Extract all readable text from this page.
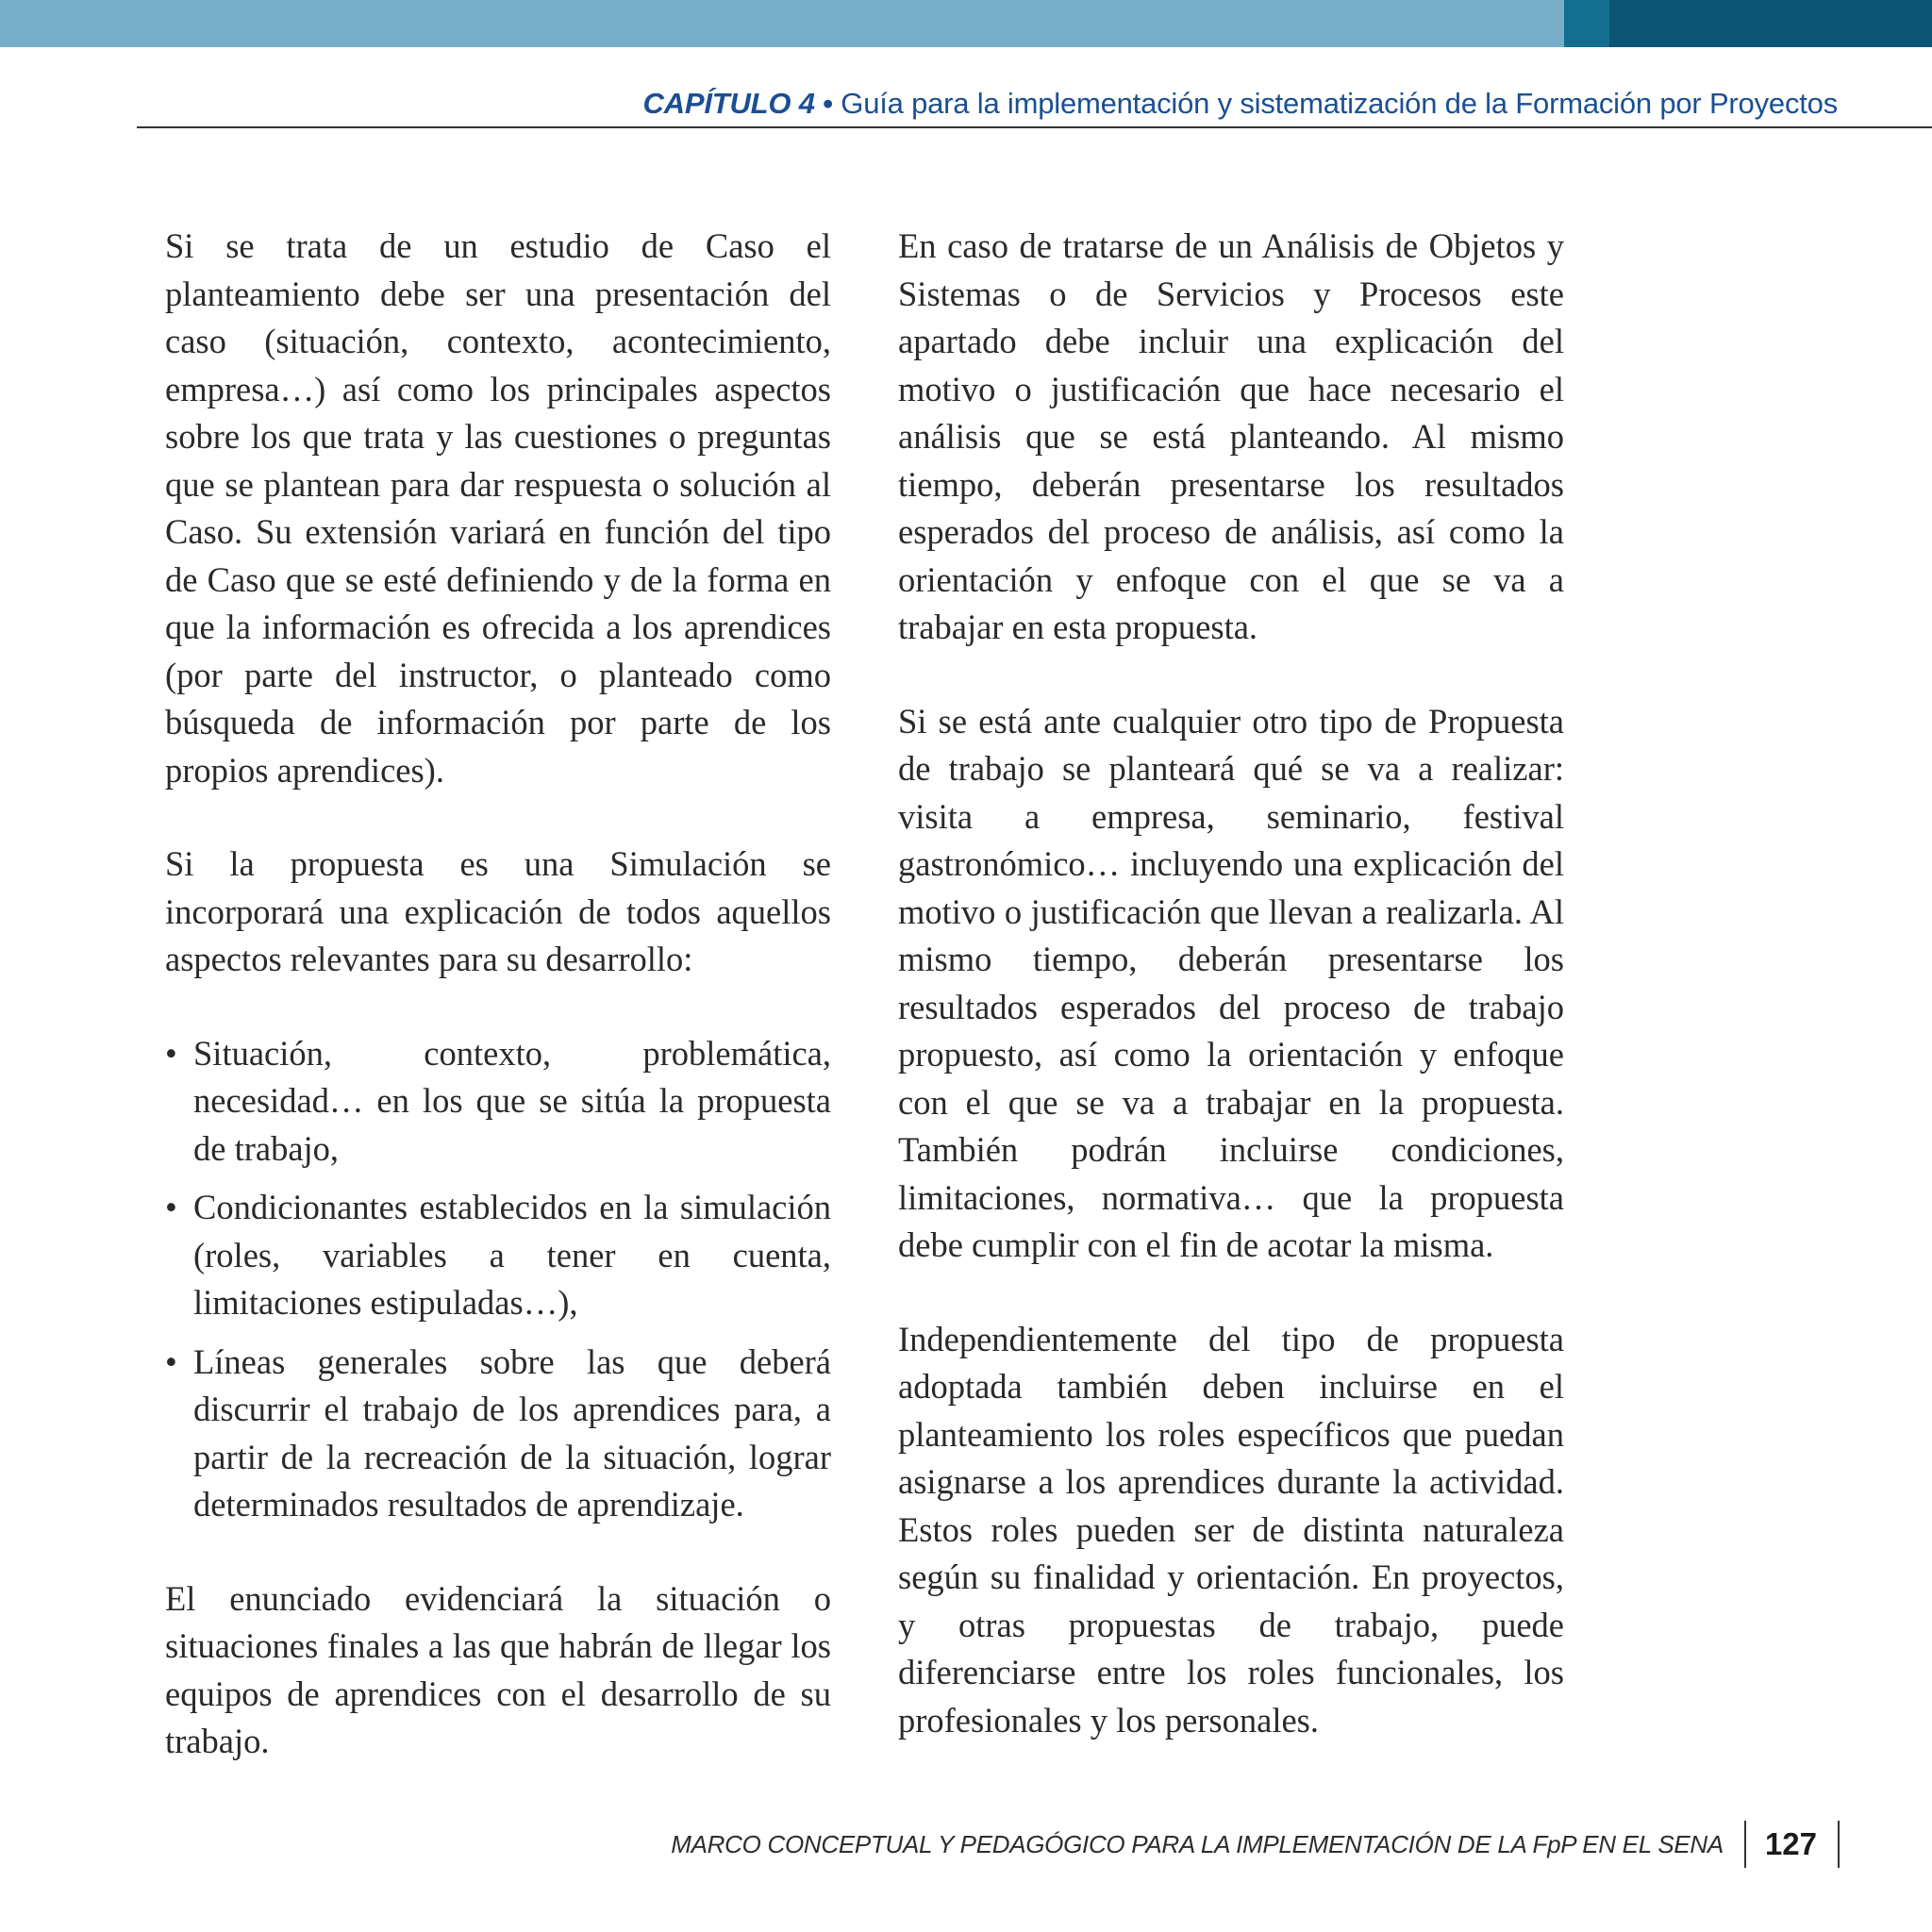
CAPÍTULO 4 • Guía para la implementación y sistematización de la Formación por Proyectos

Si se trata de un estudio de Caso el planteamiento debe ser una presentación del caso (situación, contexto, acontecimiento, empresa…) así como los principales aspectos sobre los que trata y las cuestiones o preguntas que se plantean para dar respuesta o solución al Caso. Su extensión variará en función del tipo de Caso que se esté definiendo y de la forma en que la información es ofrecida a los aprendices (por parte del instructor, o planteado como búsqueda de información por parte de los propios aprendices).

Si la propuesta es una Simulación se incorporará una explicación de todos aquellos aspectos relevantes para su desarrollo:

• Situación, contexto, problemática, necesidad… en los que se sitúa la propuesta de trabajo,
• Condicionantes establecidos en la simulación (roles, variables a tener en cuenta, limitaciones estipuladas…),
• Líneas generales sobre las que deberá discurrir el trabajo de los aprendices para, a partir de la recreación de la situación, lograr determinados resultados de aprendizaje.

El enunciado evidenciará la situación o situaciones finales a las que habrán de llegar los equipos de aprendices con el desarrollo de su trabajo.

En caso de tratarse de un Análisis de Objetos y Sistemas o de Servicios y Procesos este apartado debe incluir una explicación del motivo o justificación que hace necesario el análisis que se está planteando. Al mismo tiempo, deberán presentarse los resultados esperados del proceso de análisis, así como la orientación y enfoque con el que se va a trabajar en esta propuesta.

Si se está ante cualquier otro tipo de Propuesta de trabajo se planteará qué se va a realizar: visita a empresa, seminario, festival gastronómico… incluyendo una explicación del motivo o justificación que llevan a realizarla. Al mismo tiempo, deberán presentarse los resultados esperados del proceso de trabajo propuesto, así como la orientación y enfoque con el que se va a trabajar en la propuesta. También podrán incluirse condiciones, limitaciones, normativa… que la propuesta debe cumplir con el fin de acotar la misma.

Independientemente del tipo de propuesta adoptada también deben incluirse en el planteamiento los roles específicos que puedan asignarse a los aprendices durante la actividad. Estos roles pueden ser de distinta naturaleza según su finalidad y orientación. En proyectos, y otras propuestas de trabajo, puede diferenciarse entre los roles funcionales, los profesionales y los personales.

MARCO CONCEPTUAL Y PEDAGÓGICO PARA LA IMPLEMENTACIÓN DE LA FpP EN EL SENA 127
